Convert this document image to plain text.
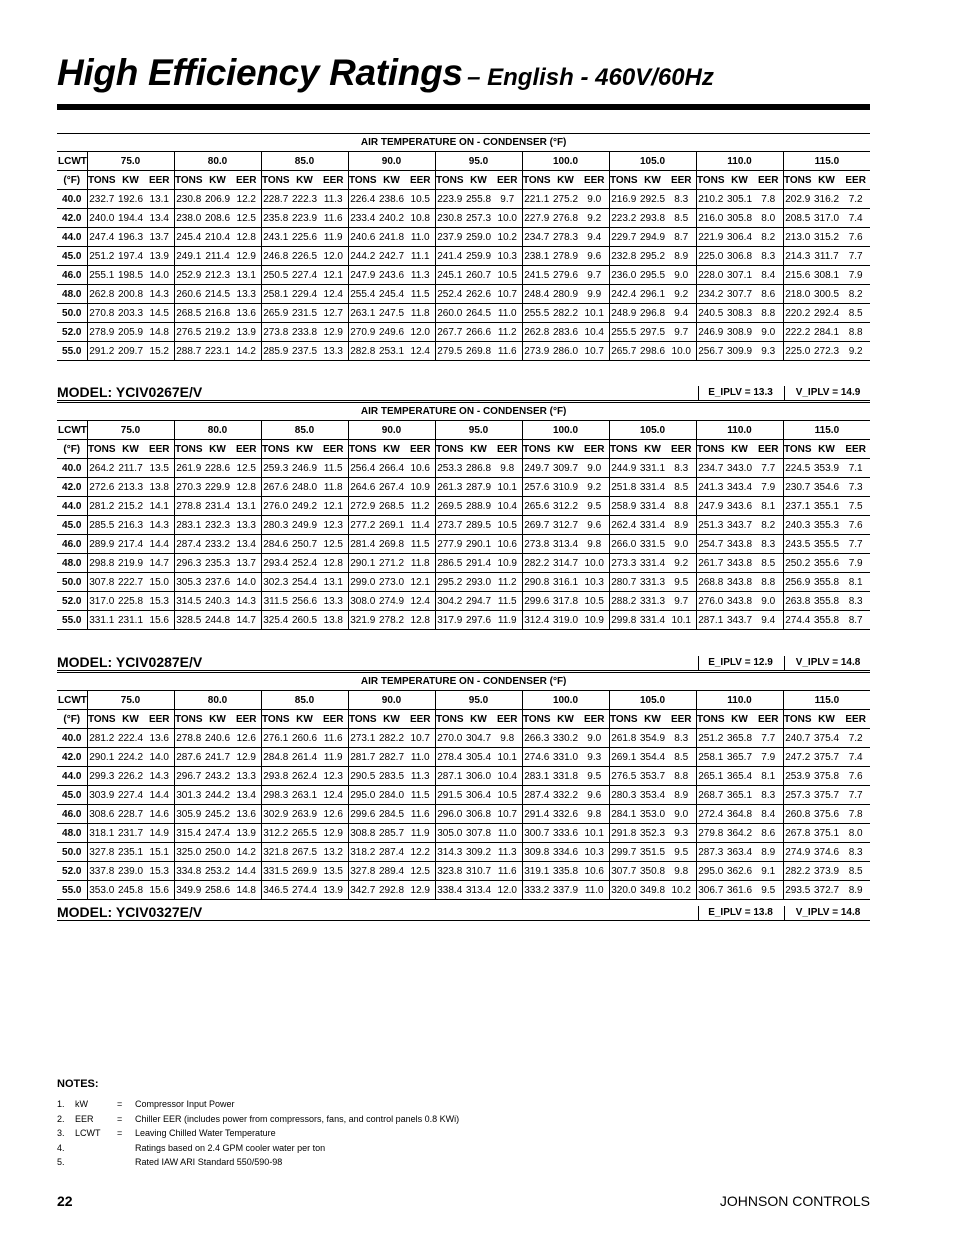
High Efficiency Ratings – English - 460V/60Hz
AIR TEMPERATURE ON - CONDENSER (°F)																											
LCWT	75.0			80.0			85.0			90.0			95.0			100.0			105.0			110.0			115.0		
(°F)	TONS	KW	EER	TONS	KW	EER	TONS	KW	EER	TONS	KW	EER	TONS	KW	EER	TONS	KW	EER	TONS	KW	EER	TONS	KW	EER	TONS	KW	EER
40.0	232.7	192.6	13.1	230.8	206.9	12.2	228.7	222.3	11.3	226.4	238.6	10.5	223.9	255.8	9.7	221.1	275.2	9.0	216.9	292.5	8.3	210.2	305.1	7.8	202.9	316.2	7.2
42.0	240.0	194.4	13.4	238.0	208.6	12.5	235.8	223.9	11.6	233.4	240.2	10.8	230.8	257.3	10.0	227.9	276.8	9.2	223.2	293.8	8.5	216.0	305.8	8.0	208.5	317.0	7.4
44.0	247.4	196.3	13.7	245.4	210.4	12.8	243.1	225.6	11.9	240.6	241.8	11.0	237.9	259.0	10.2	234.7	278.3	9.4	229.7	294.9	8.7	221.9	306.4	8.2	213.0	315.2	7.6
45.0	251.2	197.4	13.9	249.1	211.4	12.9	246.8	226.5	12.0	244.2	242.7	11.1	241.4	259.9	10.3	238.1	278.9	9.6	232.8	295.2	8.9	225.0	306.8	8.3	214.3	311.7	7.7
46.0	255.1	198.5	14.0	252.9	212.3	13.1	250.5	227.4	12.1	247.9	243.6	11.3	245.1	260.7	10.5	241.5	279.6	9.7	236.0	295.5	9.0	228.0	307.1	8.4	215.6	308.1	7.9
48.0	262.8	200.8	14.3	260.6	214.5	13.3	258.1	229.4	12.4	255.4	245.4	11.5	252.4	262.6	10.7	248.4	280.9	9.9	242.4	296.1	9.2	234.2	307.7	8.6	218.0	300.5	8.2
50.0	270.8	203.3	14.5	268.5	216.8	13.6	265.9	231.5	12.7	263.1	247.5	11.8	260.0	264.5	11.0	255.5	282.2	10.1	248.9	296.8	9.4	240.5	308.3	8.8	220.2	292.4	8.5
52.0	278.9	205.9	14.8	276.5	219.2	13.9	273.8	233.8	12.9	270.9	249.6	12.0	267.7	266.6	11.2	262.8	283.6	10.4	255.5	297.5	9.7	246.9	308.9	9.0	222.2	284.1	8.8
55.0	291.2	209.7	15.2	288.7	223.1	14.2	285.9	237.5	13.3	282.8	253.1	12.4	279.5	269.8	11.6	273.9	286.0	10.7	265.7	298.6	10.0	256.7	309.9	9.3	225.0	272.3	9.2
MODEL: YCIV0267E/V	E_IPLV = 13.3	V_IPLV = 14.9
AIR TEMPERATURE ON - CONDENSER (°F)																											
LCWT	75.0			80.0			85.0			90.0			95.0			100.0			105.0			110.0			115.0		
(°F)	TONS	KW	EER	TONS	KW	EER	TONS	KW	EER	TONS	KW	EER	TONS	KW	EER	TONS	KW	EER	TONS	KW	EER	TONS	KW	EER	TONS	KW	EER
40.0	264.2	211.7	13.5	261.9	228.6	12.5	259.3	246.9	11.5	256.4	266.4	10.6	253.3	286.8	9.8	249.7	309.7	9.0	244.9	331.1	8.3	234.7	343.0	7.7	224.5	353.9	7.1
42.0	272.6	213.3	13.8	270.3	229.9	12.8	267.6	248.0	11.8	264.6	267.4	10.9	261.3	287.9	10.1	257.6	310.9	9.2	251.8	331.4	8.5	241.3	343.4	7.9	230.7	354.6	7.3
44.0	281.2	215.2	14.1	278.8	231.4	13.1	276.0	249.2	12.1	272.9	268.5	11.2	269.5	288.9	10.4	265.6	312.2	9.5	258.9	331.4	8.8	247.9	343.6	8.1	237.1	355.1	7.5
45.0	285.5	216.3	14.3	283.1	232.3	13.3	280.3	249.9	12.3	277.2	269.1	11.4	273.7	289.5	10.5	269.7	312.7	9.6	262.4	331.4	8.9	251.3	343.7	8.2	240.3	355.3	7.6
46.0	289.9	217.4	14.4	287.4	233.2	13.4	284.6	250.7	12.5	281.4	269.8	11.5	277.9	290.1	10.6	273.8	313.4	9.8	266.0	331.5	9.0	254.7	343.8	8.3	243.5	355.5	7.7
48.0	298.8	219.9	14.7	296.3	235.3	13.7	293.4	252.4	12.8	290.1	271.2	11.8	286.5	291.4	10.9	282.2	314.7	10.0	273.3	331.4	9.2	261.7	343.8	8.5	250.2	355.6	7.9
50.0	307.8	222.7	15.0	305.3	237.6	14.0	302.3	254.4	13.1	299.0	273.0	12.1	295.2	293.0	11.2	290.8	316.1	10.3	280.7	331.3	9.5	268.8	343.8	8.8	256.9	355.8	8.1
52.0	317.0	225.8	15.3	314.5	240.3	14.3	311.5	256.6	13.3	308.0	274.9	12.4	304.2	294.7	11.5	299.6	317.8	10.5	288.2	331.3	9.7	276.0	343.8	9.0	263.8	355.8	8.3
55.0	331.1	231.1	15.6	328.5	244.8	14.7	325.4	260.5	13.8	321.9	278.2	12.8	317.9	297.6	11.9	312.4	319.0	10.9	299.8	331.4	10.1	287.1	343.7	9.4	274.4	355.8	8.7
MODEL: YCIV0287E/V	E_IPLV = 12.9	V_IPLV = 14.8
AIR TEMPERATURE ON - CONDENSER (°F)																											
LCWT	75.0			80.0			85.0			90.0			95.0			100.0			105.0			110.0			115.0		
(°F)	TONS	KW	EER	TONS	KW	EER	TONS	KW	EER	TONS	KW	EER	TONS	KW	EER	TONS	KW	EER	TONS	KW	EER	TONS	KW	EER	TONS	KW	EER
40.0	281.2	222.4	13.6	278.8	240.6	12.6	276.1	260.6	11.6	273.1	282.2	10.7	270.0	304.7	9.8	266.3	330.2	9.0	261.8	354.9	8.3	251.2	365.8	7.7	240.7	375.4	7.2
42.0	290.1	224.2	14.0	287.6	241.7	12.9	284.8	261.4	11.9	281.7	282.7	11.0	278.4	305.4	10.1	274.6	331.0	9.3	269.1	354.4	8.5	258.1	365.7	7.9	247.2	375.7	7.4
44.0	299.3	226.2	14.3	296.7	243.2	13.3	293.8	262.4	12.3	290.5	283.5	11.3	287.1	306.0	10.4	283.1	331.8	9.5	276.5	353.7	8.8	265.1	365.4	8.1	253.9	375.8	7.6
45.0	303.9	227.4	14.4	301.3	244.2	13.4	298.3	263.1	12.4	295.0	284.0	11.5	291.5	306.4	10.5	287.4	332.2	9.6	280.3	353.4	8.9	268.7	365.1	8.3	257.3	375.7	7.7
46.0	308.6	228.7	14.6	305.9	245.2	13.6	302.9	263.9	12.6	299.6	284.5	11.6	296.0	306.8	10.7	291.4	332.6	9.8	284.1	353.0	9.0	272.4	364.8	8.4	260.8	375.6	7.8
48.0	318.1	231.7	14.9	315.4	247.4	13.9	312.2	265.5	12.9	308.8	285.7	11.9	305.0	307.8	11.0	300.7	333.6	10.1	291.8	352.3	9.3	279.8	364.2	8.6	267.8	375.1	8.0
50.0	327.8	235.1	15.1	325.0	250.0	14.2	321.8	267.5	13.2	318.2	287.4	12.2	314.3	309.2	11.3	309.8	334.6	10.3	299.7	351.5	9.5	287.3	363.4	8.9	274.9	374.6	8.3
52.0	337.8	239.0	15.3	334.8	253.2	14.4	331.5	269.9	13.5	327.8	289.4	12.5	323.8	310.7	11.6	319.1	335.8	10.6	307.7	350.8	9.8	295.0	362.6	9.1	282.2	373.9	8.5
55.0	353.0	245.8	15.6	349.9	258.6	14.8	346.5	274.4	13.9	342.7	292.8	12.9	338.4	313.4	12.0	333.2	337.9	11.0	320.0	349.8	10.2	306.7	361.6	9.5	293.5	372.7	8.9
MODEL: YCIV0327E/V	E_IPLV = 13.8	V_IPLV = 14.8
NOTES:
1. kW	= Compressor Input Power
2. EER	= Chiller EER (includes power from compressors, fans, and control panels 0.8 KWi)
3. LCWT = Leaving Chilled Water Temperature
4.	Ratings based on 2.4 GPM cooler water per ton
5.	Rated IAW ARI Standard 550/590-98
22	JOHNSON CONTROLS
